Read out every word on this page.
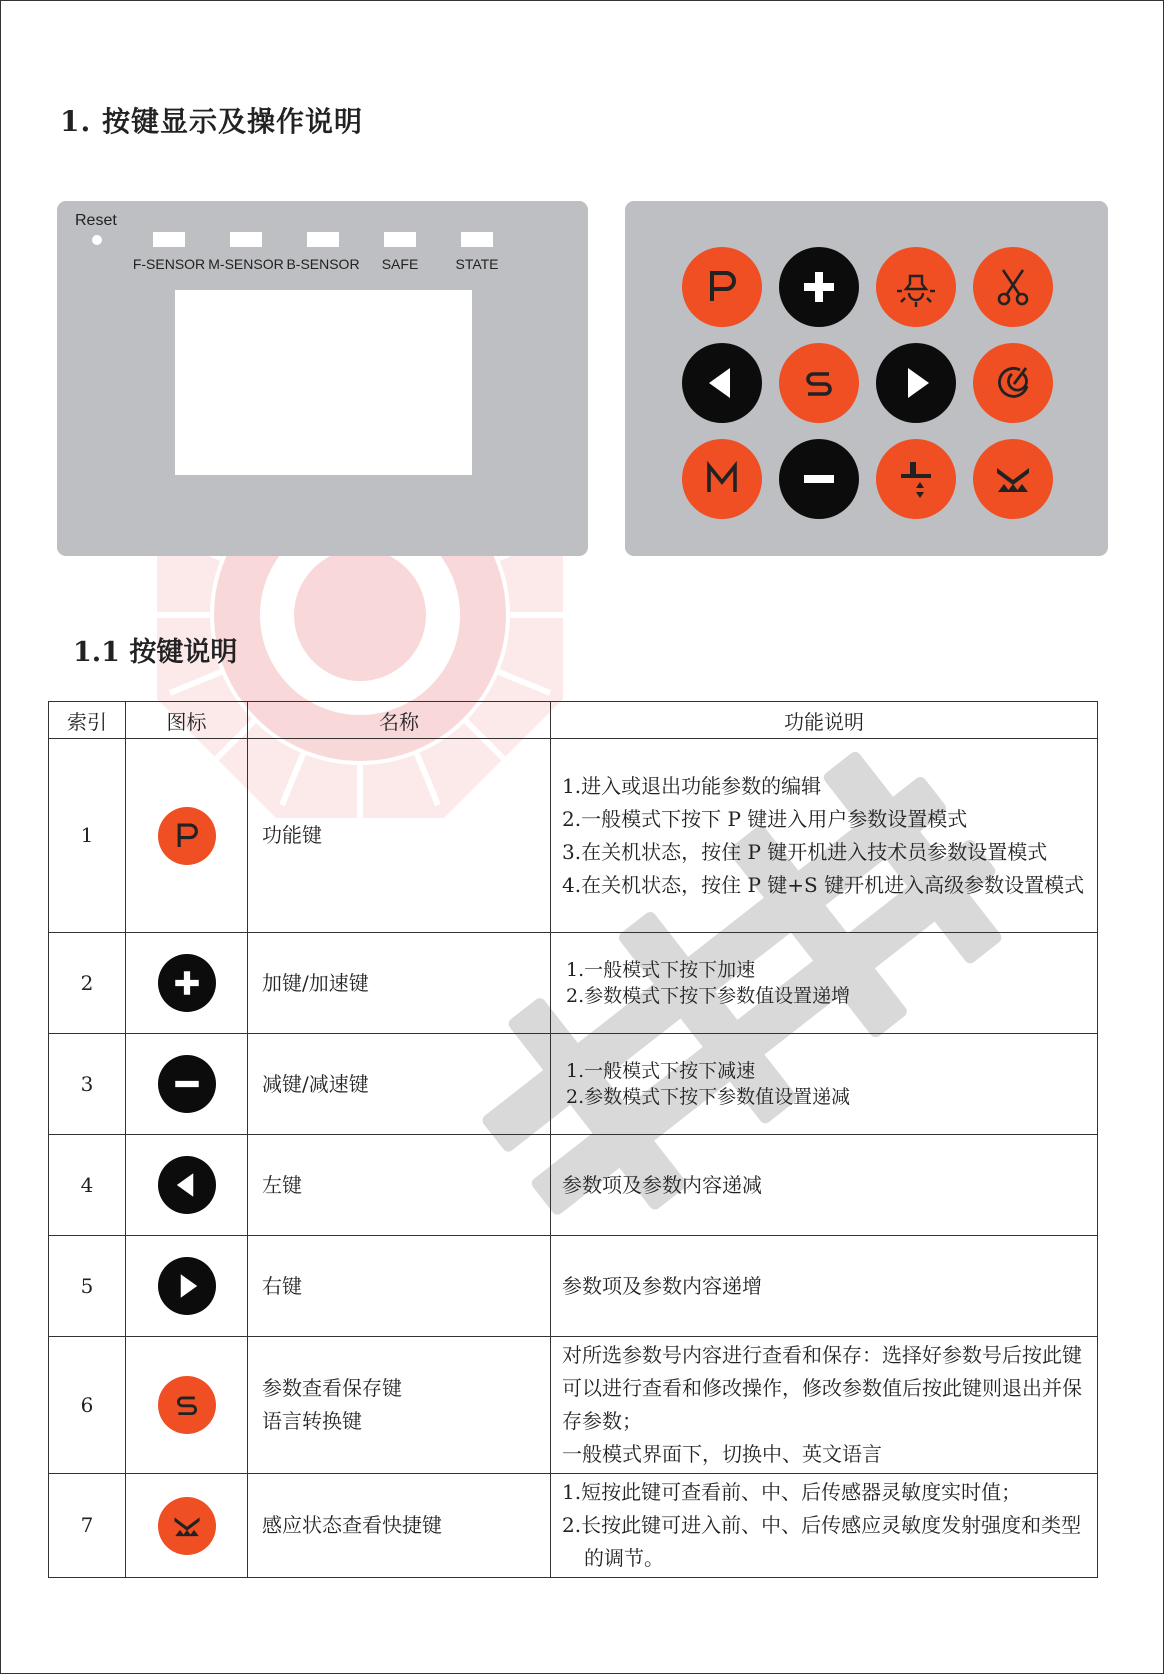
1. 按键显示及操作说明
Reset
F-SENSOR M-SENSOR B-SENSOR SAFE	STATE
1.1 按键说明
索引	图标	名称	功能说明
1		功能键	1.进入或退出功能参数的编辑
2.一般模式下按下 P 键进入用户参数设置模式
3.在关机状态，按住 P 键开机进入技术员参数设置模式
4.在关机状态，按住 P 键+S 键开机进入高级参数设置模式

2		加键/加速键	1.一般模式下按下加速
2.参数模式下按下参数值设置递增

3		减键/减速键	1.一般模式下按下减速
2.参数模式下按下参数值设置递减

4		左键	参数项及参数内容递减

5		右键	参数项及参数内容递增

6		参数查看保存键
语言转换键	对所选参数号内容进行查看和保存：选择好参数号后按此键可以进行查看和修改操作，修改参数值后按此键则退出并保存参数；
一般模式界面下，切换中、英文语言

7		感应状态查看快捷键	1.短按此键可查看前、中、后传感器灵敏度实时值；
2.长按此键可进入前、中、后传感应灵敏度发射强度和类型的调节。
